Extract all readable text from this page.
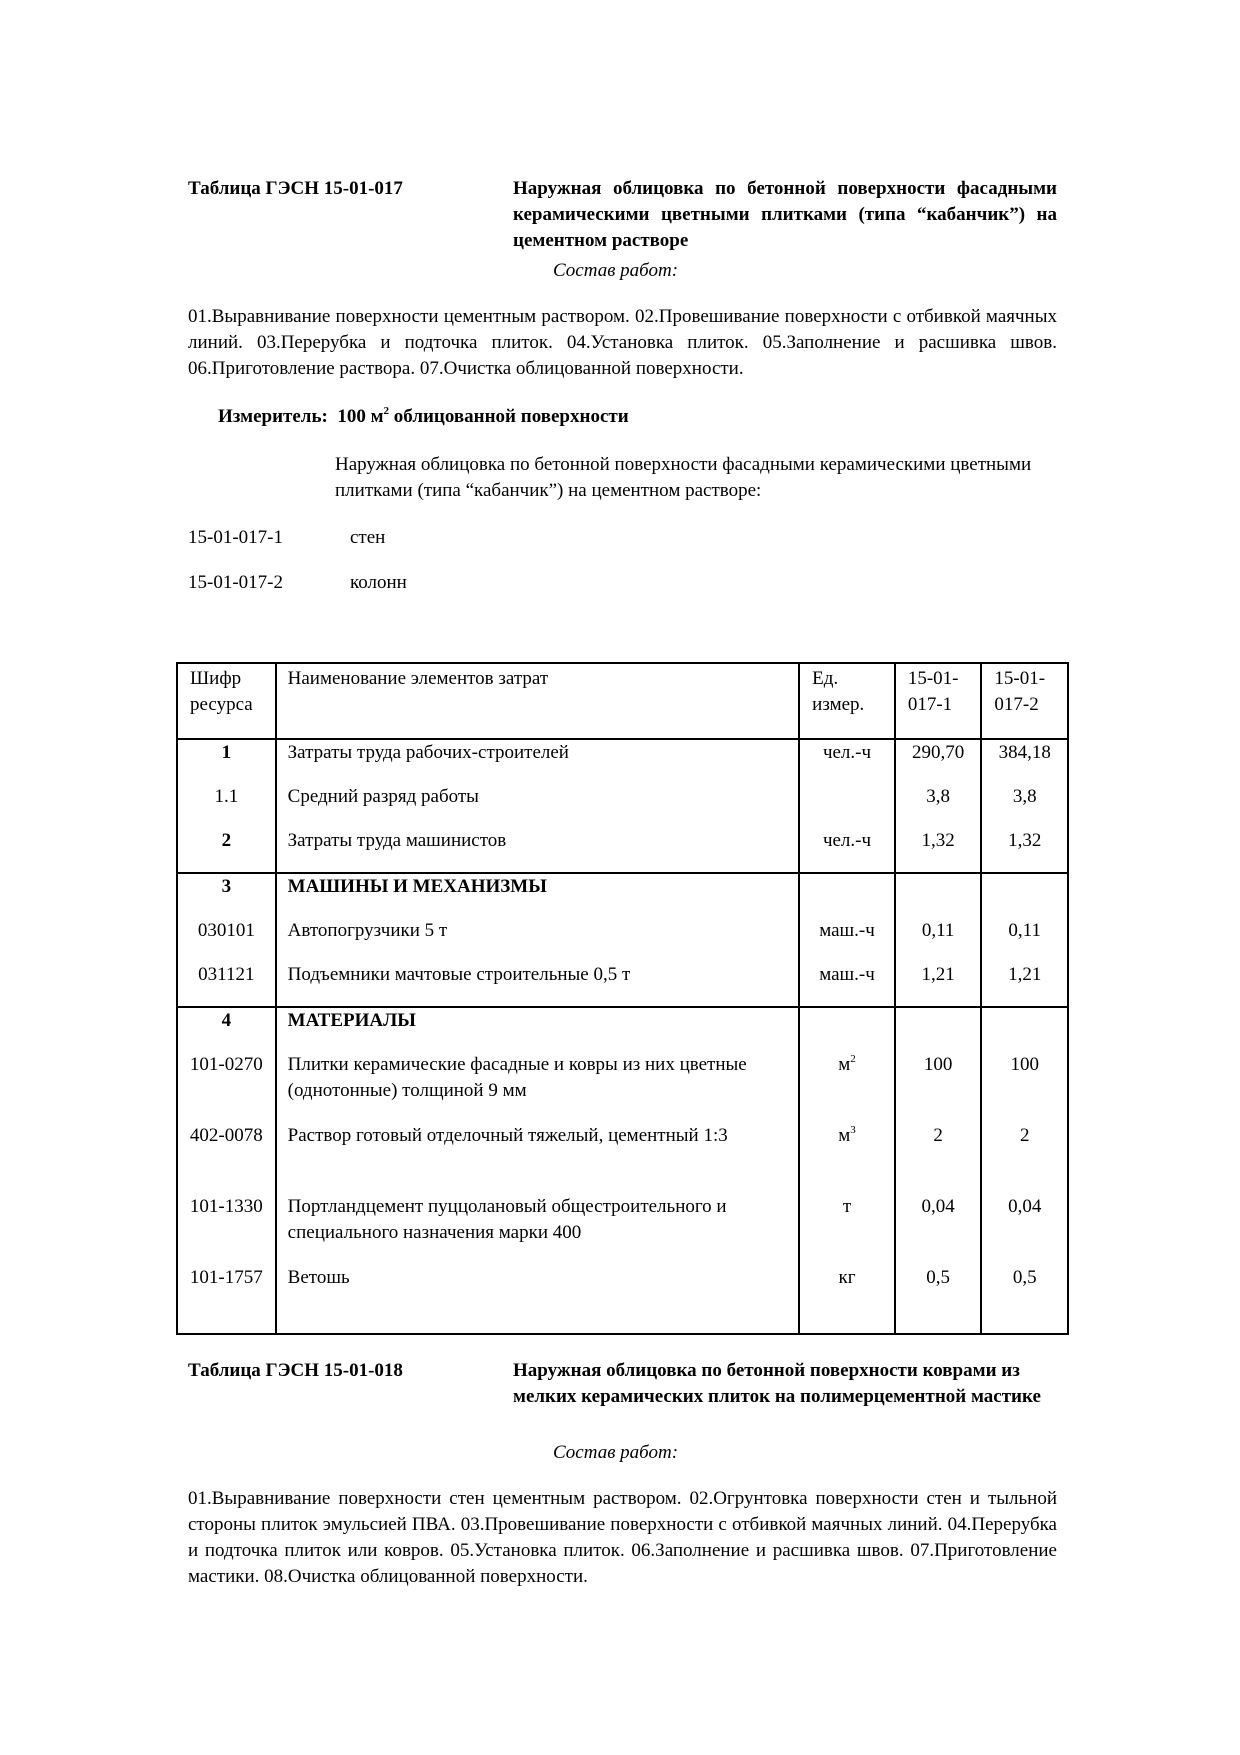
Таблица ГЭСН 15-01-017	Наружная облицовка по бетонной поверхности фасадными керамическими цветными плитками (типа “кабанчик”) на цементном растворе
Состав работ:
01.Выравнивание поверхности цементным раствором. 02.Провешивание поверхности с отбивкой маячных линий. 03.Перерубка и подточка плиток. 04.Установка плиток. 05.Заполнение и расшивка швов. 06.Приготовление раствора. 07.Очистка облицованной поверхности.
Измеритель: 100 $м^2$ облицованной поверхности
Наружная облицовка по бетонной поверхности фасадными керамическими цветными плитками (типа “кабанчик”) на цементном растворе:
15-01-017-1	стен
15-01-017-2	колонн
Шифр ресурса	Наименование элементов затрат	Ед. измер.	15-01-017-1	15-01-017-2
1	Затраты труда рабочих-строителей	чел.-ч	290,70	384,18
1.1	Средний разряд работы		3,8	3,8
2	Затраты труда машинистов	чел.-ч	1,32	1,32
3	МАШИНЫ И МЕХАНИЗМЫ			
030101	Автопогрузчики 5 т	маш.-ч	0,11	0,11
031121	Подъемники мачтовые строительные 0,5 т	маш.-ч	1,21	1,21
4	МАТЕРИАЛЫ			
101-0270	Плитки керамические фасадные и ковры из них цветные (однотонные) толщиной 9 мм	$м^2$	100	100
402-0078	Раствор готовый отделочный тяжелый, цементный 1:3	$м^3$	2	2
101-1330	Портландцемент пуццолановый общестроительного и специального назначения марки 400	т	0,04	0,04
101-1757	Ветошь	кг	0,5	0,5
Таблица ГЭСН 15-01-018	Наружная облицовка по бетонной поверхности коврами из мелких керамических плиток на полимерцементной мастике
Состав работ:
01.Выравнивание поверхности стен цементным раствором. 02.Огрунтовка поверхности стен и тыльной стороны плиток эмульсией ПВА. 03.Провешивание поверхности с отбивкой маячных линий. 04.Перерубка и подточка плиток или ковров. 05.Установка плиток. 06.Заполнение и расшивка швов. 07.Приготовление мастики. 08.Очистка облицованной поверхности.
